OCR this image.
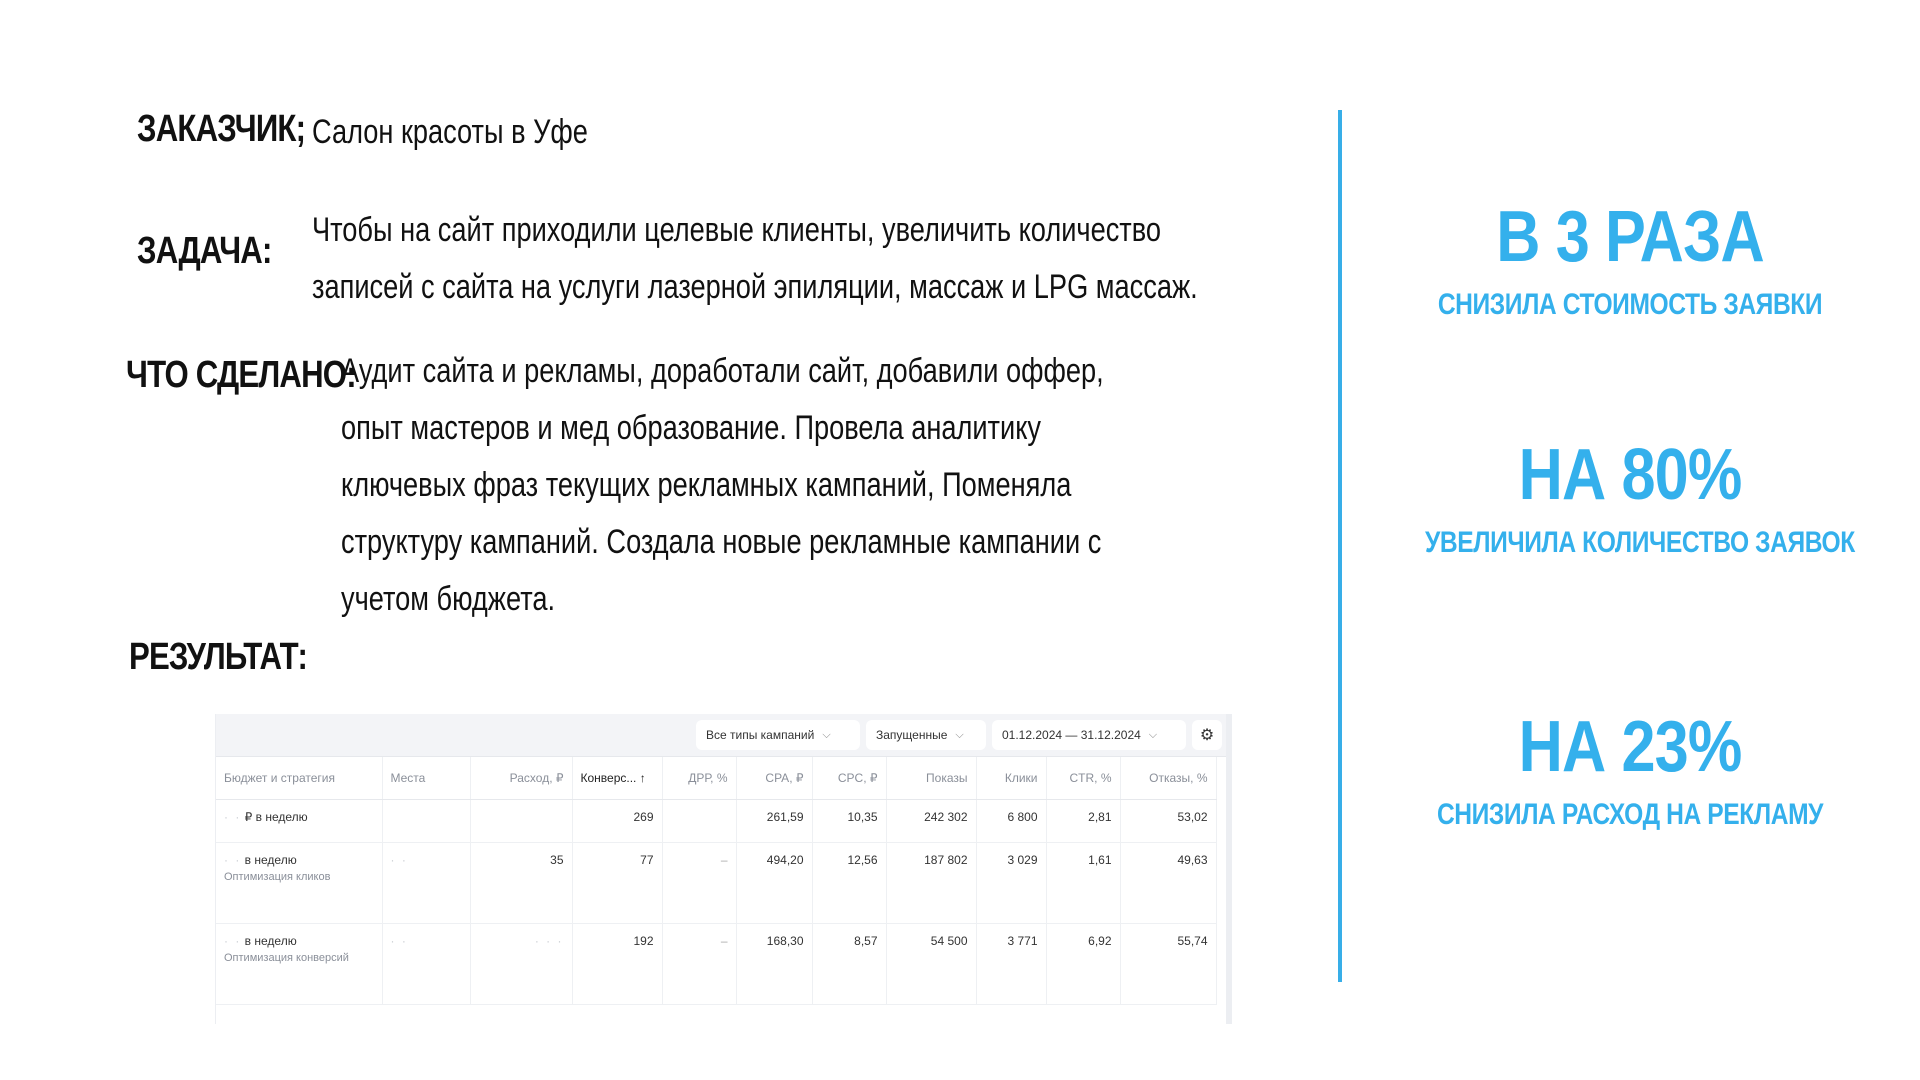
ЗАКАЗЧИК; Салон красоты в Уфе
ЗАДАЧА: Чтобы на сайт приходили целевые клиенты, увеличить количество
записей с сайта на услуги лазерной эпиляции, массаж и LPG массаж.
ЧТО СДЕЛАНО:
Аудит сайта и рекламы, доработали сайт, добавили оффер,
опыт мастеров и мед образование. Провела аналитику
ключевых фраз текущих рекламных кампаний, Поменяла
структуру кампаний. Создала новые рекламные кампании с
учетом бюджета.
РЕЗУЛЬТАТ:
Все типы кампаний ⌵	Запущенные ⌵	01.12.2024 — 31.12.2024 ⌵	⚙
Бюджет и стратегия	Места	Расход, ₽	Конверс... ↑	ДРР, %	CPA, ₽	CPC, ₽	Показы	Клики	CTR, %	Отказы, %
· · ₽ в неделю			269		261,59	10,35	242 302	6 800	2,81	53,02
· · в неделю
Оптимизация кликов	· ·	35	77	–	494,20	12,56	187 802	3 029	1,61	49,63
· · в неделю
Оптимизация конверсий	· ·	· · ·	192	–	168,30	8,57	54 500	3 771	6,92	55,74
В 3 РАЗА
СНИЗИЛА СТОИМОСТЬ ЗАЯВКИ
НА 80%
УВЕЛИЧИЛА КОЛИЧЕСТВО ЗАЯВОК
НА 23%
СНИЗИЛА РАСХОД НА РЕКЛАМУ
